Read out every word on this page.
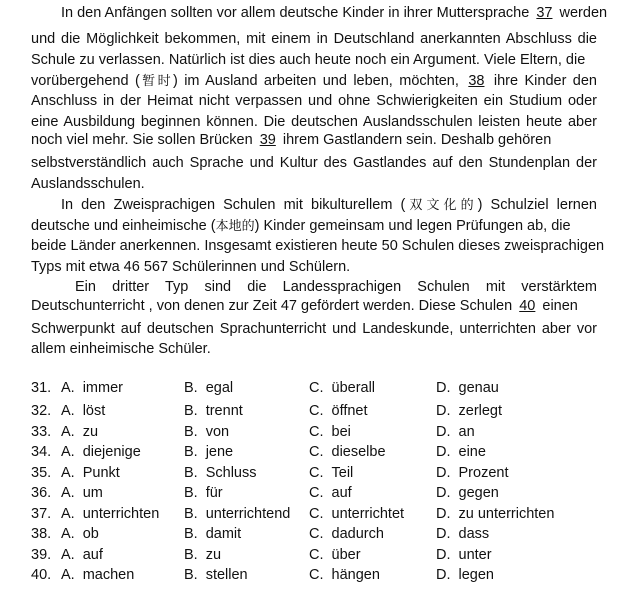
In den Anfängen sollten vor allem deutsche Kinder in ihrer Muttersprache 37 werden
und die Möglichkeit bekommen, mit einem in Deutschland anerkannten Abschluss die
Schule zu verlassen. Natürlich ist dies auch heute noch ein Argument. Viele Eltern, die
vorübergehend (暂时) im Ausland arbeiten und leben, möchten, 38 ihre Kinder den
Anschluss in der Heimat nicht verpassen und ohne Schwierigkeiten ein Studium oder
eine Ausbildung beginnen können. Die deutschen Auslandsschulen leisten heute aber
noch viel mehr. Sie sollen Brücken 39 ihrem Gastlandern sein. Deshalb gehören
selbstverständlich auch Sprache und Kultur des Gastlandes auf den Stundenplan der
Auslandsschulen.
In den Zweisprachigen Schulen mit bikulturellem (双文化的) Schulziel lernen
deutsche und einheimische (本地的) Kinder gemeinsam und legen Prüfungen ab, die
beide Länder anerkennen. Insgesamt existieren heute 50 Schulen dieses zweisprachigen
Typs mit etwa 46 567 Schülerinnen und Schülern.
Ein dritter Typ sind die Landessprachigen Schulen mit verstärktem
Deutschunterricht , von denen zur Zeit 47 gefördert werden. Diese Schulen 40 einen
Schwerpunkt auf deutschen Sprachunterricht und Landeskunde, unterrichten aber vor
allem einheimische Schüler.
31. A. immer	B. egal	C. überall	D. genau
32. A. löst	B. trennt	C. öffnet	D. zerlegt
33. A. zu	B. von	C. bei	D. an
34. A. diejenige	B. jene	C. dieselbe	D. eine
35. A. Punkt	B. Schluss	C. Teil	D. Prozent
36. A. um	B. für	C. auf	D. gegen
37. A. unterrichten B. unterrichtend C. unterrichtet D. zu unterrichten
38. A. ob	B. damit	C. dadurch	D. dass
39. A. auf	B. zu	C. über	D. unter
40. A. machen	B. stellen	C. hängen	D. legen
